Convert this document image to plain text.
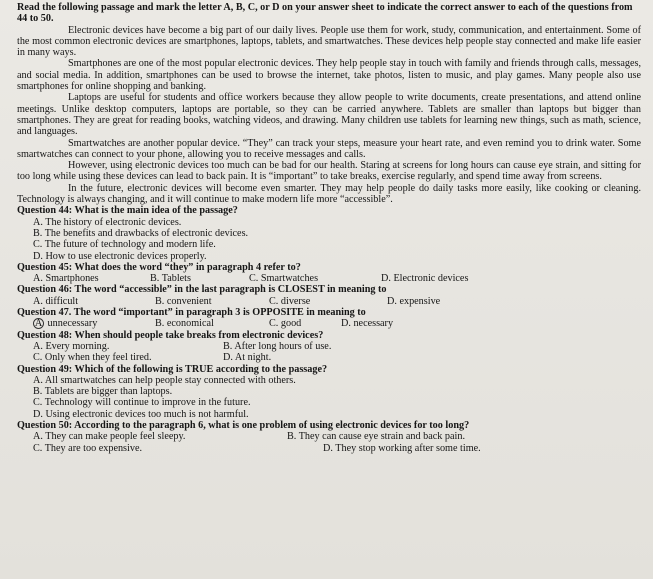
Read the following passage and mark the letter A, B, C, or D on your answer sheet to indicate the correct answer to each of the questions from 44 to 50.

Electronic devices have become a big part of our daily lives. People use them for work, study, communication, and entertainment. Some of the most common electronic devices are smartphones, laptops, tablets, and smartwatches. These devices help people stay connected and make life easier in many ways.

Smartphones are one of the most popular electronic devices. They help people stay in touch with family and friends through calls, messages, and social media. In addition, smartphones can be used to browse the internet, take photos, listen to music, and play games. Many people also use smartphones for online shopping and banking.

Laptops are useful for students and office workers because they allow people to write documents, create presentations, and attend online meetings. Unlike desktop computers, laptops are portable, so they can be carried anywhere. Tablets are smaller than laptops but bigger than smartphones. They are great for reading books, watching videos, and drawing. Many children use tablets for learning new things, such as math, science, and languages.

Smartwatches are another popular device. “They” can track your steps, measure your heart rate, and even remind you to drink water. Some smartwatches can connect to your phone, allowing you to receive messages and calls.

However, using electronic devices too much can be bad for our health. Staring at screens for long hours can cause eye strain, and sitting for too long while using these devices can lead to back pain. It is “important” to take breaks, exercise regularly, and spend time away from screens.

In the future, electronic devices will become even smarter. They may help people do daily tasks more easily, like cooking or cleaning. Technology is always changing, and it will continue to make modern life more “accessible”.

Question 44: What is the main idea of the passage?

A. The history of electronic devices.

B. The benefits and drawbacks of electronic devices.

C. The future of technology and modern life.

D. How to use electronic devices properly.

Question 45: What does the word “they” in paragraph 4 refer to?

A. Smartphones	B. Tablets	C. Smartwatches	D. Electronic devices

Question 46: The word “accessible” in the last paragraph is CLOSEST in meaning to

A. difficult	B. convenient	C. diverse	D. expensive

Question 47. The word “important” in paragraph 3 is OPPOSITE in meaning to

A unnecessary	B. economical	C. good	D. necessary

Question 48: When should people take breaks from electronic devices?

A. Every morning.	B. After long hours of use.
C. Only when they feel tired.	D. At night.

Question 49: Which of the following is TRUE according to the passage?

A. All smartwatches can help people stay connected with others.

B. Tablets are bigger than laptops.

C. Technology will continue to improve in the future.

D. Using electronic devices too much is not harmful.

Question 50: According to the paragraph 6, what is one problem of using electronic devices for too long?

A. They can make people feel sleepy.	B. They can cause eye strain and back pain.
C. They are too expensive.	D. They stop working after some time.
